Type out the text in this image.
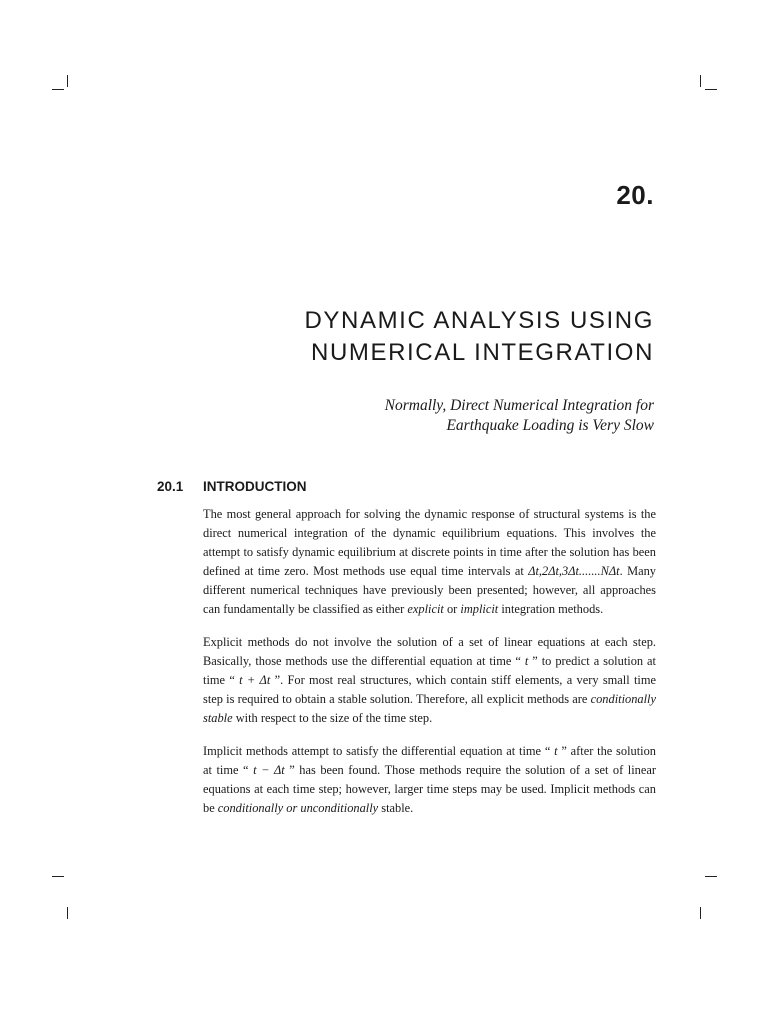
20.
DYNAMIC ANALYSIS USING
NUMERICAL INTEGRATION
Normally, Direct Numerical Integration for
Earthquake Loading is Very Slow
20.1 INTRODUCTION

The most general approach for solving the dynamic response of structural systems is the direct numerical integration of the dynamic equilibrium equations. This involves the attempt to satisfy dynamic equilibrium at discrete points in time after the solution has been defined at time zero. Most methods use equal time intervals at Δt,2Δt,3Δt.......NΔt. Many different numerical techniques have previously been presented; however, all approaches can fundamentally be classified as either explicit or implicit integration methods.

Explicit methods do not involve the solution of a set of linear equations at each step. Basically, those methods use the differential equation at time “ t ” to predict a solution at time “ t + Δt ”. For most real structures, which contain stiff elements, a very small time step is required to obtain a stable solution. Therefore, all explicit methods are conditionally stable with respect to the size of the time step.

Implicit methods attempt to satisfy the differential equation at time “ t ” after the solution at time “ t − Δt ” has been found. Those methods require the solution of a set of linear equations at each time step; however, larger time steps may be used. Implicit methods can be conditionally or unconditionally stable.
